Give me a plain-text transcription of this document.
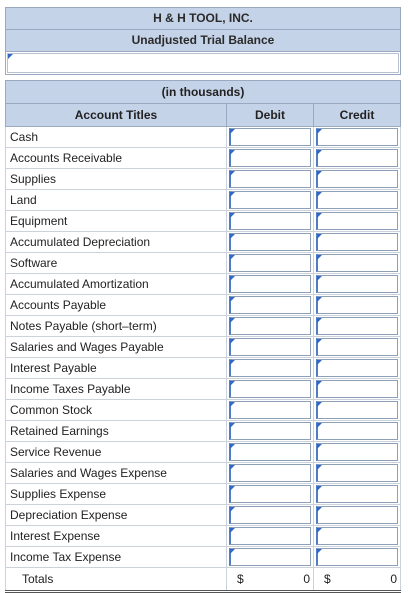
H & H TOOL, INC.
Unadjusted Trial Balance
(in thousands)		
Account Titles	Debit	Credit
Cash	

Accounts Receivable	

Supplies	

Land	

Equipment	

Accumulated Depreciation	

Software	

Accumulated Amortization	

Accounts Payable	

Notes Payable (short–term)	

Salaries and Wages Payable	

Interest Payable	

Income Taxes Payable	

Common Stock	

Retained Earnings	

Service Revenue	

Salaries and Wages Expense	

Supplies Expense	

Depreciation Expense	

Interest Expense	

Income Tax Expense	

Totals	$ 0	$ 0
